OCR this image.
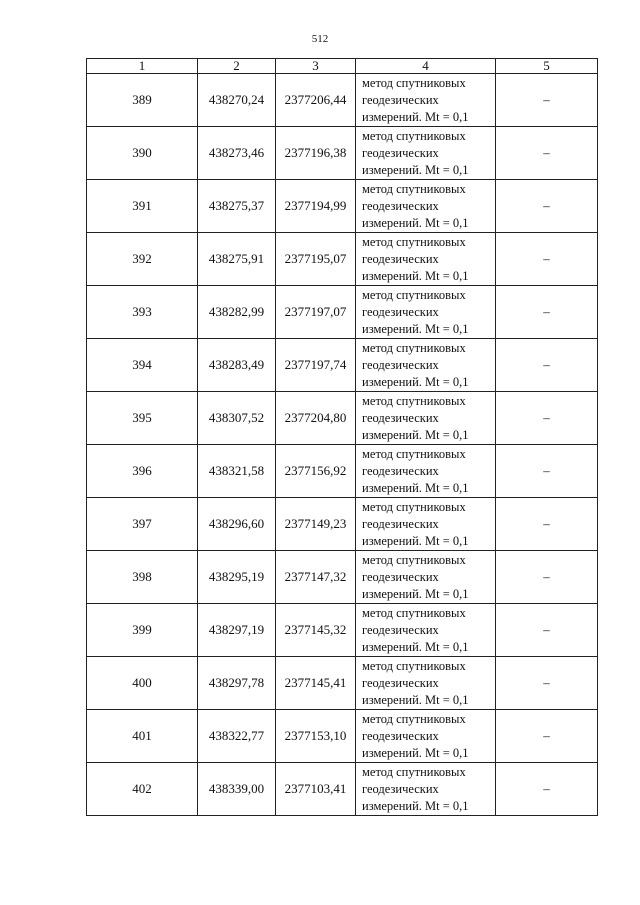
512
1	2	3	4	5
389	438270,24	2377206,44	метод спутниковых
геодезических
измерений. Mt = 0,1	–
390	438273,46	2377196,38	метод спутниковых
геодезических
измерений. Mt = 0,1	–
391	438275,37	2377194,99	метод спутниковых
геодезических
измерений. Mt = 0,1	–
392	438275,91	2377195,07	метод спутниковых
геодезических
измерений. Mt = 0,1	–
393	438282,99	2377197,07	метод спутниковых
геодезических
измерений. Mt = 0,1	–
394	438283,49	2377197,74	метод спутниковых
геодезических
измерений. Mt = 0,1	–
395	438307,52	2377204,80	метод спутниковых
геодезических
измерений. Mt = 0,1	–
396	438321,58	2377156,92	метод спутниковых
геодезических
измерений. Mt = 0,1	–
397	438296,60	2377149,23	метод спутниковых
геодезических
измерений. Mt = 0,1	–
398	438295,19	2377147,32	метод спутниковых
геодезических
измерений. Mt = 0,1	–
399	438297,19	2377145,32	метод спутниковых
геодезических
измерений. Mt = 0,1	–
400	438297,78	2377145,41	метод спутниковых
геодезических
измерений. Mt = 0,1	–
401	438322,77	2377153,10	метод спутниковых
геодезических
измерений. Mt = 0,1	–
402	438339,00	2377103,41	метод спутниковых
геодезических
измерений. Mt = 0,1	–
